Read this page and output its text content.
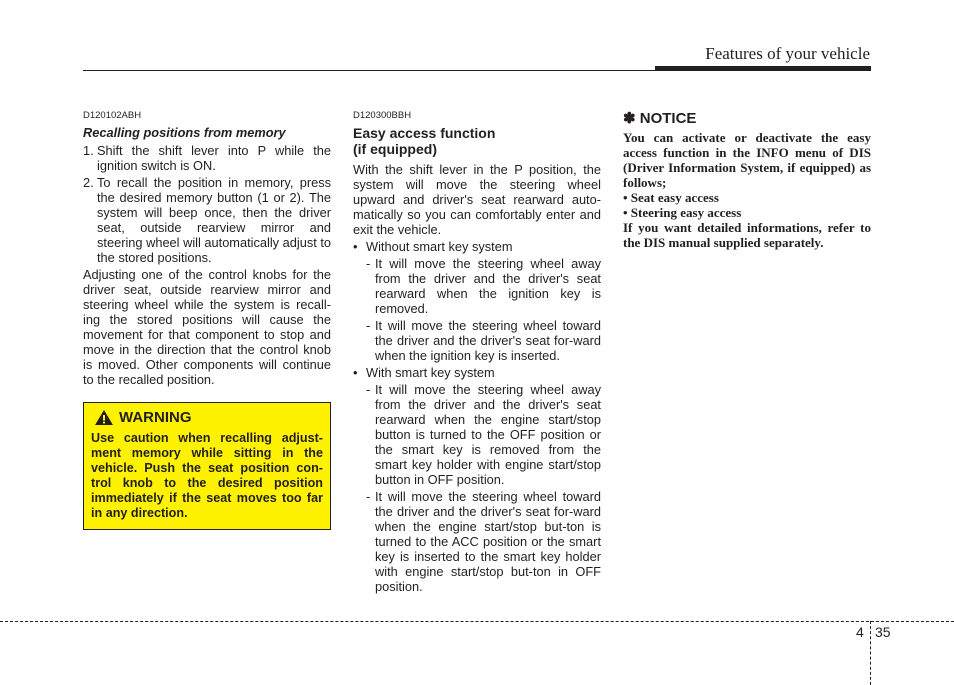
Features of your vehicle
D120102ABH
Recalling positions from memory
1. Shift the shift lever into P while the ignition switch is ON.
2. To recall the position in memory, press the desired memory button (1 or 2). The system will beep once, then the driver seat, outside rearview mirror and steering wheel will automatically adjust to the stored positions.

Adjusting one of the control knobs for the driver seat, outside rearview mirror and steering wheel while the system is recall-ing the stored positions will cause the movement for that component to stop and move in the direction that the control knob is moved. Other components will continue to the recalled position.

WARNING
Use caution when recalling adjust-ment memory while sitting in the vehicle. Push the seat position con-trol knob to the desired position immediately if the seat moves too far in any direction.
D120300BBH
Easy access function
(if equipped)

With the shift lever in the P position, the system will move the steering wheel upward and driver's seat rearward auto-matically so you can comfortably enter and exit the vehicle.

• Without smart key system
- It will move the steering wheel away from the driver and the driver's seat rearward when the ignition key is removed.
- It will move the steering wheel toward the driver and the driver's seat for-ward when the ignition key is inserted.
• With smart key system
- It will move the steering wheel away from the driver and the driver's seat rearward when the engine start/stop button is turned to the OFF position or the smart key is removed from the smart key holder with engine start/stop button in OFF position.
- It will move the steering wheel toward the driver and the driver's seat for-ward when the engine start/stop but-ton is turned to the ACC position or the smart key is inserted to the smart key holder with engine start/stop but-ton in OFF position.
✽ NOTICE
You can activate or deactivate the easy access function in the INFO menu of DIS (Driver Information System, if equipped) as follows;
• Seat easy access
• Steering easy access
If you want detailed informations, refer to the DIS manual supplied separately.
4 35
